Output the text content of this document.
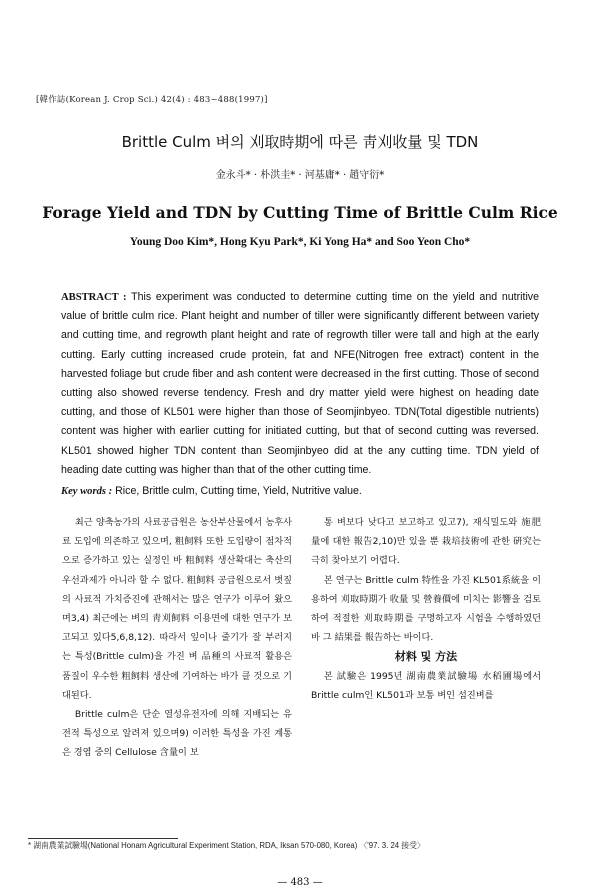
[韓作誌(Korean J. Crop Sci.) 42(4) : 483~488(1997)]
Brittle Culm 벼의 刈取時期에 따른 靑刈收量 및 TDN
金永斗* · 朴洪圭* · 河基庸* · 趙守衍*
Forage Yield and TDN by Cutting Time of Brittle Culm Rice
Young Doo Kim*, Hong Kyu Park*, Ki Yong Ha* and Soo Yeon Cho*
ABSTRACT : This experiment was conducted to determine cutting time on the yield and nutritive value of brittle culm rice. Plant height and number of tiller were significantly different between variety and cutting time, and regrowth plant height and rate of regrowth tiller were tall and high at the early cutting. Early cutting increased crude protein, fat and NFE(Nitrogen free extract) content in the harvested foliage but crude fiber and ash content were decreased in the first cutting. Those of second cutting also showed reverse tendency. Fresh and dry matter yield were highest on heading date cutting, and those of KL501 were higher than those of Seomjinbyeo. TDN(Total digestible nutrients) content was higher with earlier cutting for initiated cutting, but that of second cutting was reversed. KL501 showed higher TDN content than Seomjinbyeo did at the any cutting time. TDN yield of heading date cutting was higher than that of the other cutting time.
Key words : Rice, Brittle culm, Cutting time, Yield, Nutritive value.

최근 양축농가의 사료공급원은 농산부산물에서 농후사료 도입에 의존하고 있으며, 粗飼料 또한 도입량이 점차적으로 증가하고 있는 실정인 바 粗飼料 생산확대는 축산의 우선과제가 아니라 할 수 없다. 粗飼料 공급원으로서 볏짚의 사료적 가치증진에 관해서는 많은 연구가 이루어 왔으며3,4) 최근에는 벼의 靑刈飼料 이용면에 대한 연구가 보고되고 있다5,6,8,12). 따라서 잎이나 줄기가 잘 부러지는 특성(Brittle culm)을 가진 벼 品種의 사료적 활용은 품질이 우수한 粗飼料 생산에 기여하는 바가 클 것으로 기대된다.

Brittle culm은 단순 열성유전자에 의해 지배되는 유전적 특성으로 알려져 있으며9) 이러한 특성을 가진 계통은 경엽 중의 Cellulose 含量이 보

통 벼보다 낮다고 보고하고 있고7), 재식밀도와 施肥量에 대한 報告2,10)만 있을 뿐 栽培技術에 관한 硏究는 극히 찾아보기 어렵다.

본 연구는 Brittle culm 特性을 가진 KL501系統을 이용하여 刈取時期가 收量 및 營養價에 미치는 影響을 검토하여 적절한 刈取時期를 구명하고자 시험을 수행하였던 바 그 結果를 報告하는 바이다.

材料 및 方法

본 試驗은 1995년 湖南農業試驗場 水稻圃場에서 Brittle culm인 KL501과 보통 벼인 섬진벼를

* 湖南農業試驗場(National Honam Agricultural Experiment Station, RDA, Iksan 570-080, Korea) 〈'97. 3. 24 接受〉
— 483 —
